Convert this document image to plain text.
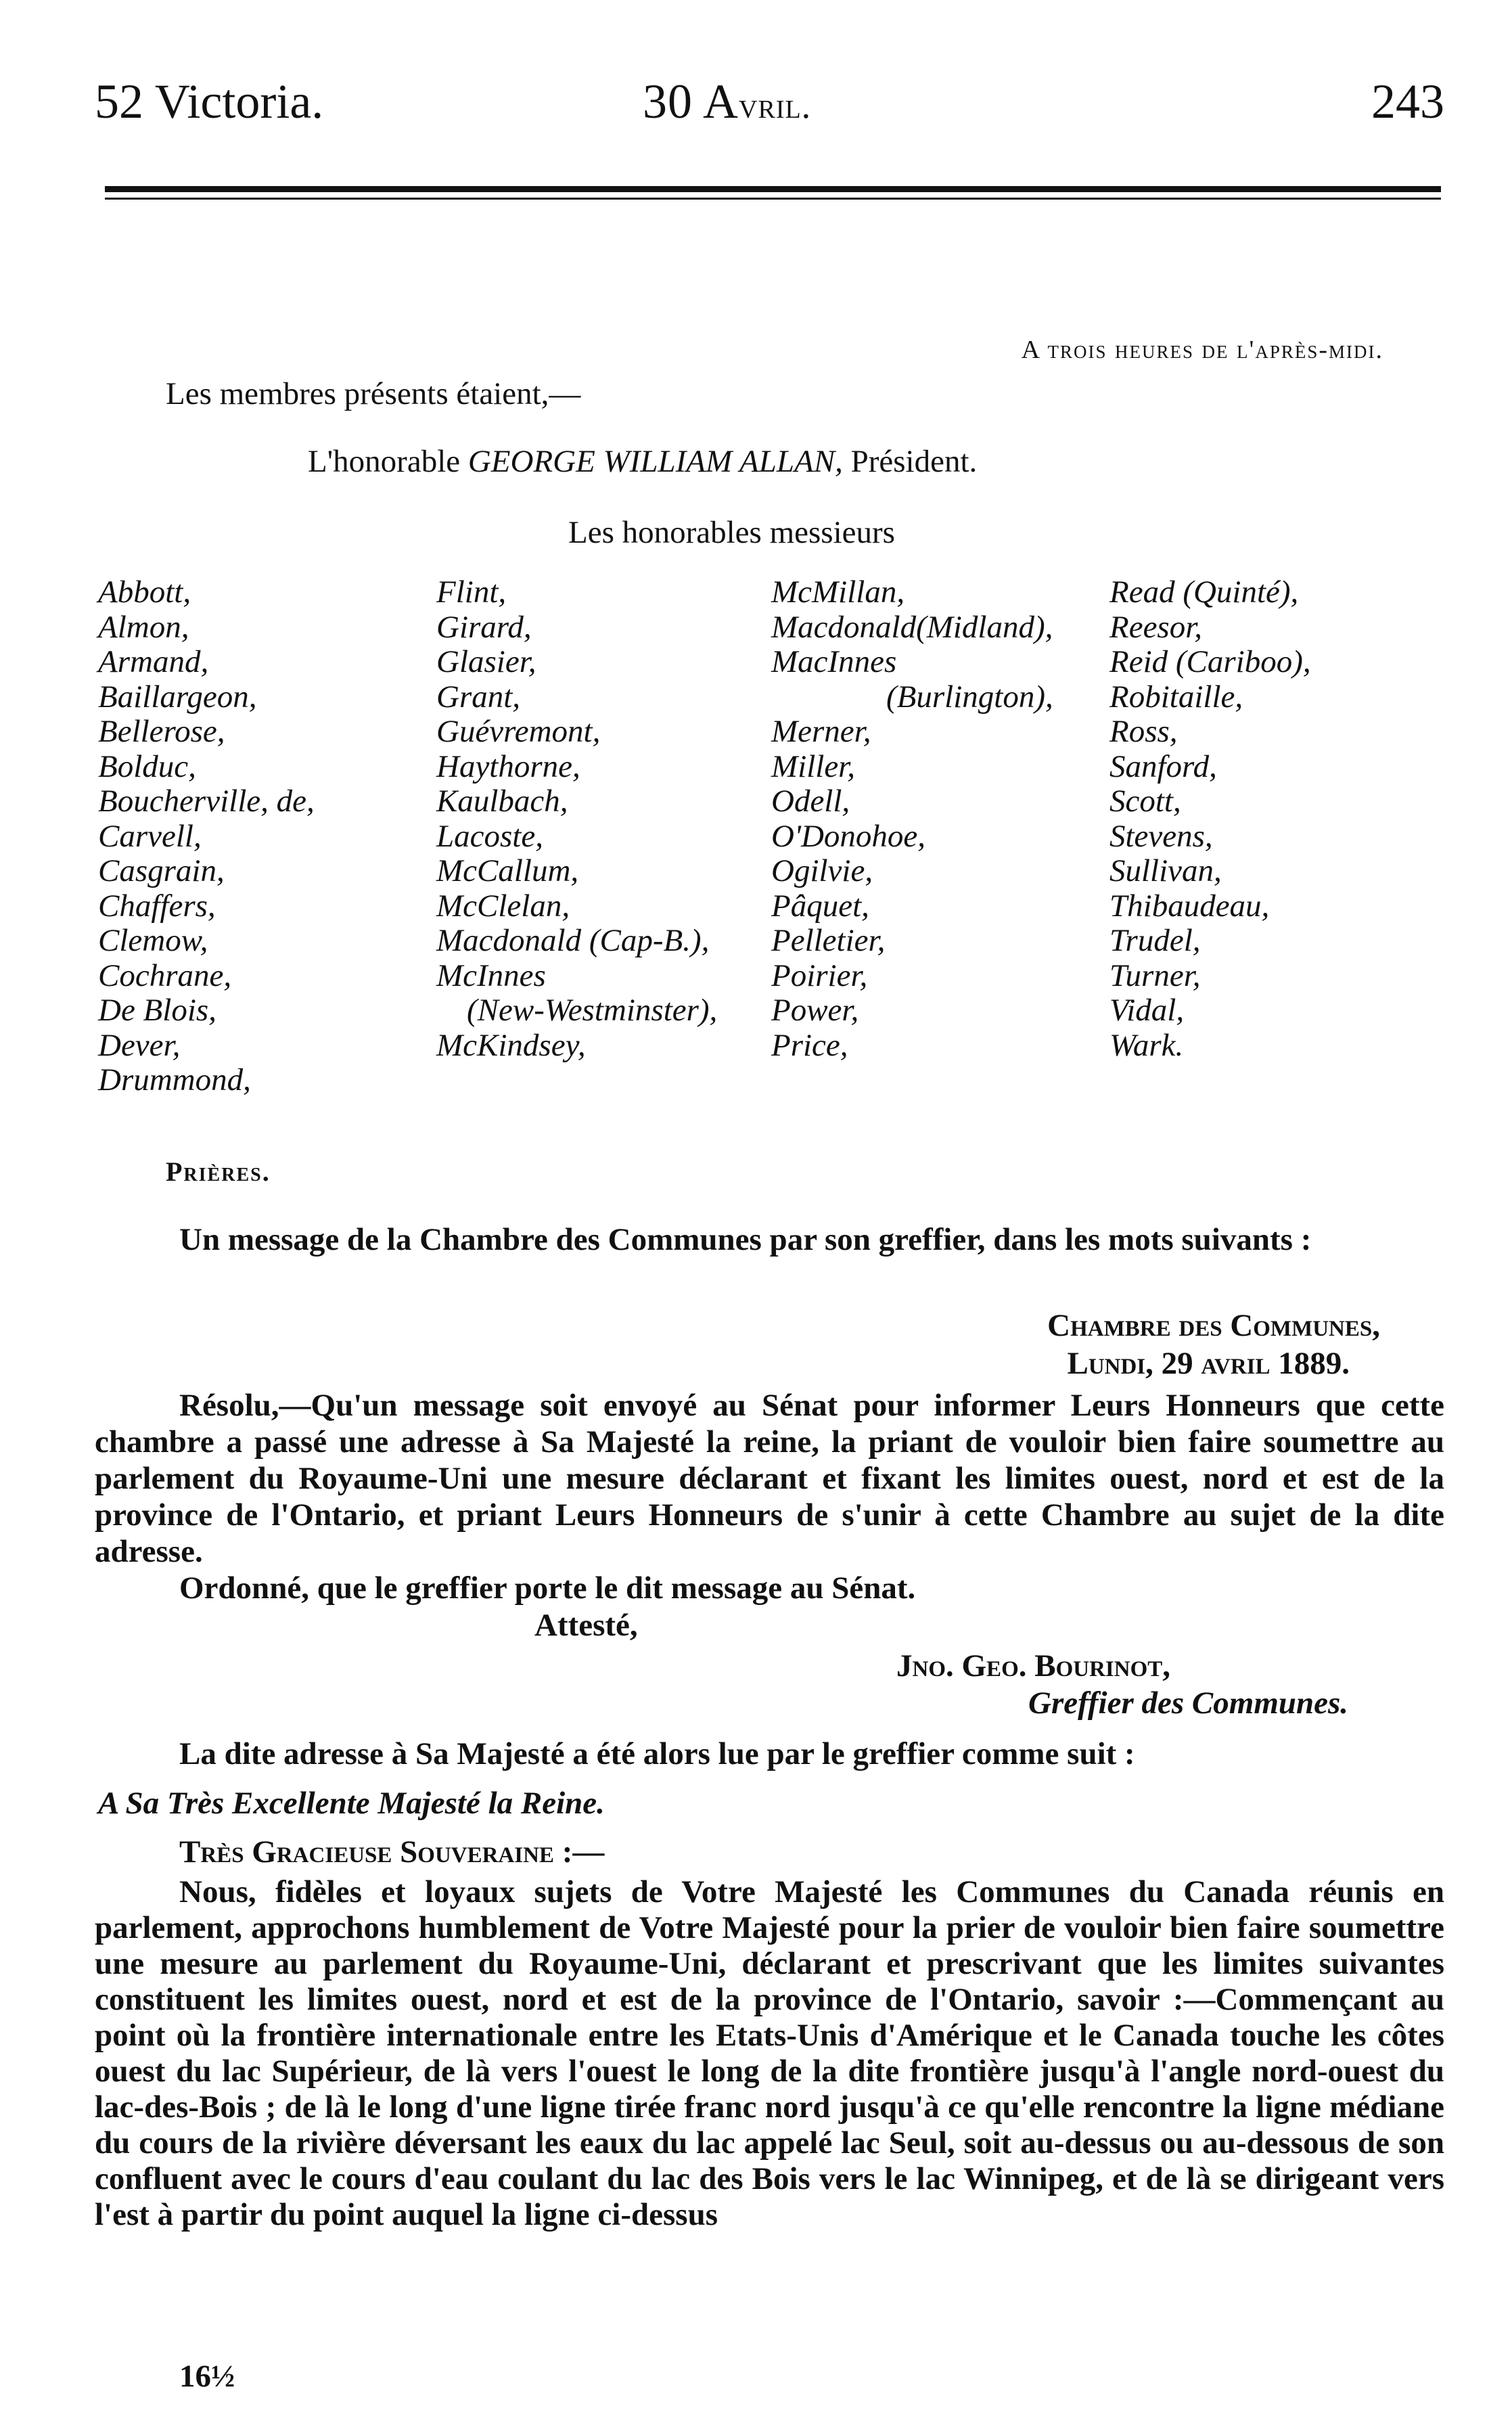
52 Victoria.	30 Avril.	243
A trois heures de l'après-midi.
Les membres présents étaient,—
L'honorable GEORGE WILLIAM ALLAN, Président.
Les honorables messieurs
Abbott,
Almon,
Armand,
Baillargeon,
Bellerose,
Bolduc,
Boucherville, de,
Carvell,
Casgrain,
Chaffers,
Clemow,
Cochrane,
De Blois,
Dever,
Drummond,
Flint,
Girard,
Glasier,
Grant,
Guévremont,
Haythorne,
Kaulbach,
Lacoste,
McCallum,
McClelan,
Macdonald (Cap-B.),
McInnes
(New-Westminster),
McKindsey,
McMillan,
Macdonald(Midland),
MacInnes
(Burlington),
Merner,
Miller,
Odell,
O'Donohoe,
Ogilvie,
Pâquet,
Pelletier,
Poirier,
Power,
Price,
Read (Quinté),
Reesor,
Reid (Cariboo),
Robitaille,
Ross,
Sanford,
Scott,
Stevens,
Sullivan,
Thibaudeau,
Trudel,
Turner,
Vidal,
Wark.
Prières.

Un message de la Chambre des Communes par son greffier, dans les mots suivants :

Chambre des Communes,
Lundi, 29 avril 1889.

Résolu,—Qu'un message soit envoyé au Sénat pour informer Leurs Honneurs que cette chambre a passé une adresse à Sa Majesté la reine, la priant de vouloir bien faire soumettre au parlement du Royaume-Uni une mesure déclarant et fixant les limites ouest, nord et est de la province de l'Ontario, et priant Leurs Honneurs de s'unir à cette Chambre au sujet de la dite adresse.

Ordonné, que le greffier porte le dit message au Sénat.
Attesté,
Jno. Geo. Bourinot,
Greffier des Communes.
La dite adresse à Sa Majesté a été alors lue par le greffier comme suit :
A Sa Très Excellente Majesté la Reine.
Très Gracieuse Souveraine :—

Nous, fidèles et loyaux sujets de Votre Majesté les Communes du Canada réunis en parlement, approchons humblement de Votre Majesté pour la prier de vouloir bien faire soumettre une mesure au parlement du Royaume-Uni, déclarant et prescrivant que les limites suivantes constituent les limites ouest, nord et est de la province de l'Ontario, savoir :—Commençant au point où la frontière internationale entre les Etats-Unis d'Amérique et le Canada touche les côtes ouest du lac Supérieur, de là vers l'ouest le long de la dite frontière jusqu'à l'angle nord-ouest du lac-des-Bois ; de là le long d'une ligne tirée franc nord jusqu'à ce qu'elle rencontre la ligne médiane du cours de la rivière déversant les eaux du lac appelé lac Seul, soit au-dessus ou au-dessous de son confluent avec le cours d'eau coulant du lac des Bois vers le lac Winnipeg, et de là se dirigeant vers l'est à partir du point auquel la ligne ci-dessus

16½
